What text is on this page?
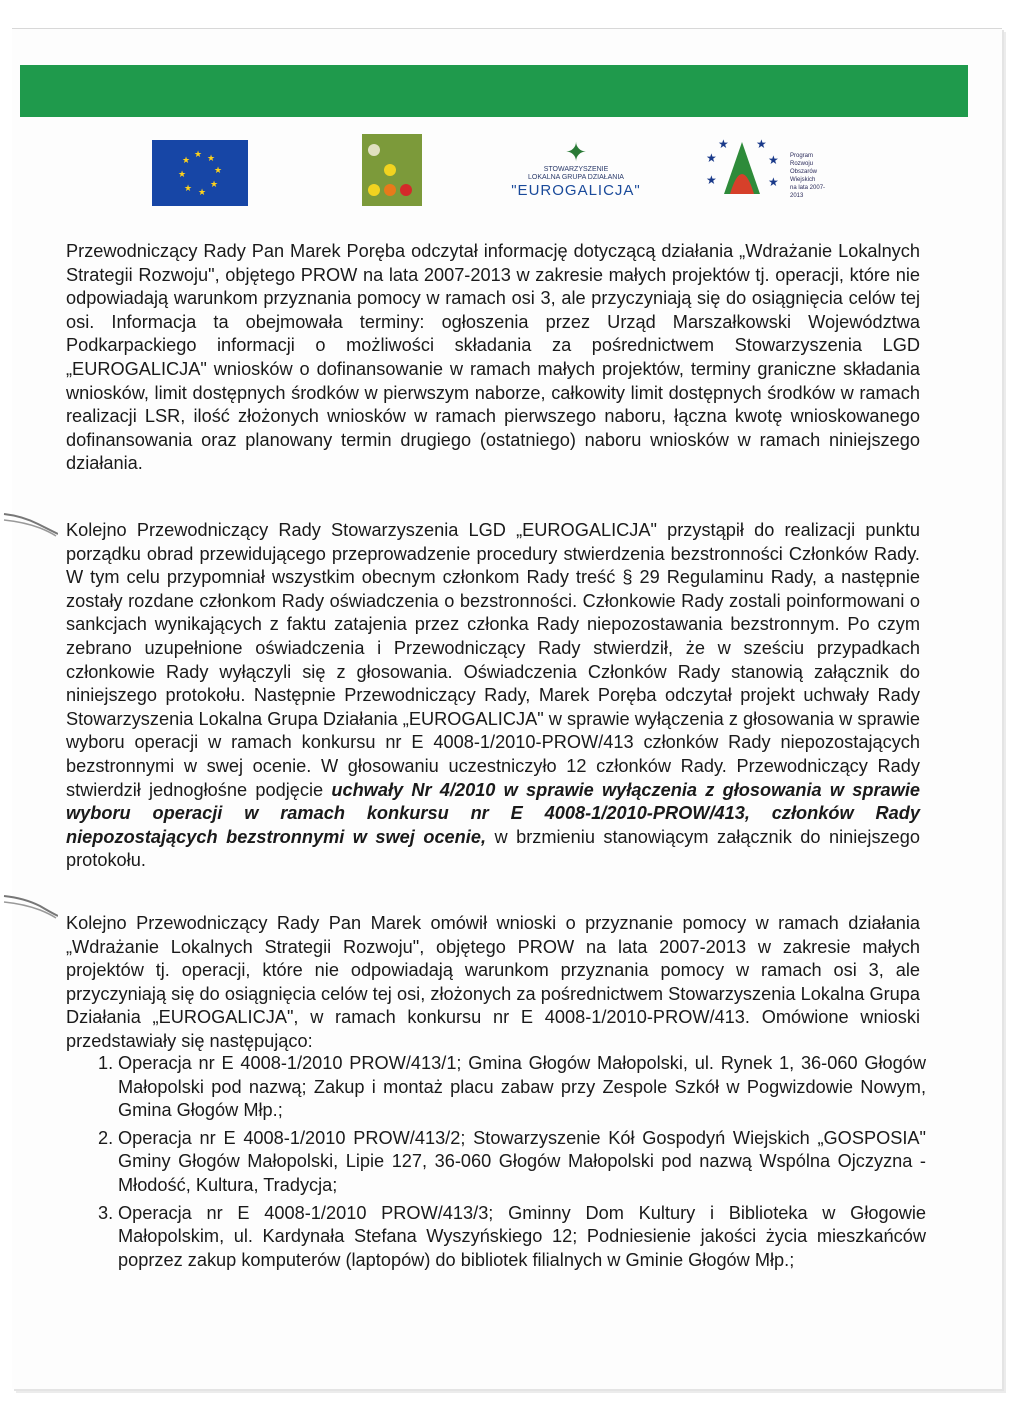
★ ★
★
★
★
★
★
★	✦
STOWARZYSZENIE
LOKALNA GRUPA DZIAŁANIA
"EUROGALICJA"
★
★ ★
★
★	★
Program
Rozwoju
Obszarów
Wiejskich
na lata 2007-2013

Przewodniczący Rady Pan Marek Poręba odczytał informację dotyczącą działania „Wdrażanie Lokalnych Strategii Rozwoju", objętego PROW na lata 2007-2013 w zakresie małych projektów tj. operacji, które nie odpowiadają warunkom przyznania pomocy w ramach osi 3, ale przyczyniają się do osiągnięcia celów tej osi. Informacja ta obejmowała terminy: ogłoszenia przez Urząd Marszałkowski Województwa Podkarpackiego informacji o możliwości składania za pośrednictwem Stowarzyszenia LGD „EUROGALICJA" wniosków o dofinansowanie w ramach małych projektów, terminy graniczne składania wniosków, limit dostępnych środków w pierwszym naborze, całkowity limit dostępnych środków w ramach realizacji LSR, ilość złożonych wniosków w ramach pierwszego naboru, łączna kwotę wnioskowanego dofinansowania oraz planowany termin drugiego (ostatniego) naboru wniosków w ramach niniejszego działania.

Kolejno Przewodniczący Rady Stowarzyszenia LGD „EUROGALICJA" przystąpił do realizacji punktu porządku obrad przewidującego przeprowadzenie procedury stwierdzenia bezstronności Członków Rady. W tym celu przypomniał wszystkim obecnym członkom Rady treść § 29 Regulaminu Rady, a następnie zostały rozdane członkom Rady oświadczenia o bezstronności. Członkowie Rady zostali poinformowani o sankcjach wynikających z faktu zatajenia przez członka Rady niepozostawania bezstronnym. Po czym zebrano uzupełnione oświadczenia i Przewodniczący Rady stwierdził, że w sześciu przypadkach członkowie Rady wyłączyli się z głosowania. Oświadczenia Członków Rady stanowią załącznik do niniejszego protokołu. Następnie Przewodniczący Rady, Marek Poręba odczytał projekt uchwały Rady Stowarzyszenia Lokalna Grupa Działania „EUROGALICJA" w sprawie wyłączenia z głosowania w sprawie wyboru operacji w ramach konkursu nr E 4008-1/2010-PROW/413 członków Rady niepozostających bezstronnymi w swej ocenie. W głosowaniu uczestniczyło 12 członków Rady. Przewodniczący Rady stwierdził jednogłośne podjęcie uchwały Nr 4/2010 w sprawie wyłączenia z głosowania w sprawie wyboru operacji w ramach konkursu nr E 4008-1/2010-PROW/413, członków Rady niepozostających bezstronnymi w swej ocenie, w brzmieniu stanowiącym załącznik do niniejszego protokołu.

Kolejno Przewodniczący Rady Pan Marek omówił wnioski o przyznanie pomocy w ramach działania „Wdrażanie Lokalnych Strategii Rozwoju", objętego PROW na lata 2007-2013 w zakresie małych projektów tj. operacji, które nie odpowiadają warunkom przyznania pomocy w ramach osi 3, ale przyczyniają się do osiągnięcia celów tej osi, złożonych za pośrednictwem Stowarzyszenia Lokalna Grupa Działania „EUROGALICJA", w ramach konkursu nr E 4008-1/2010-PROW/413. Omówione wnioski przedstawiały się następująco:

1. Operacja nr E 4008-1/2010 PROW/413/1; Gmina Głogów Małopolski, ul. Rynek 1, 36-060 Głogów Małopolski pod nazwą; Zakup i montaż placu zabaw przy Zespole Szkół w Pogwizdowie Nowym, Gmina Głogów Młp.;
2. Operacja nr E 4008-1/2010 PROW/413/2; Stowarzyszenie Kół Gospodyń Wiejskich „GOSPOSIA" Gminy Głogów Małopolski, Lipie 127, 36-060 Głogów Małopolski pod nazwą Wspólna Ojczyzna - Młodość, Kultura, Tradycja;
3. Operacja nr E 4008-1/2010 PROW/413/3; Gminny Dom Kultury i Biblioteka w Głogowie Małopolskim, ul. Kardynała Stefana Wyszyńskiego 12; Podniesienie jakości życia mieszkańców poprzez zakup komputerów (laptopów) do bibliotek filialnych w Gminie Głogów Młp.;
